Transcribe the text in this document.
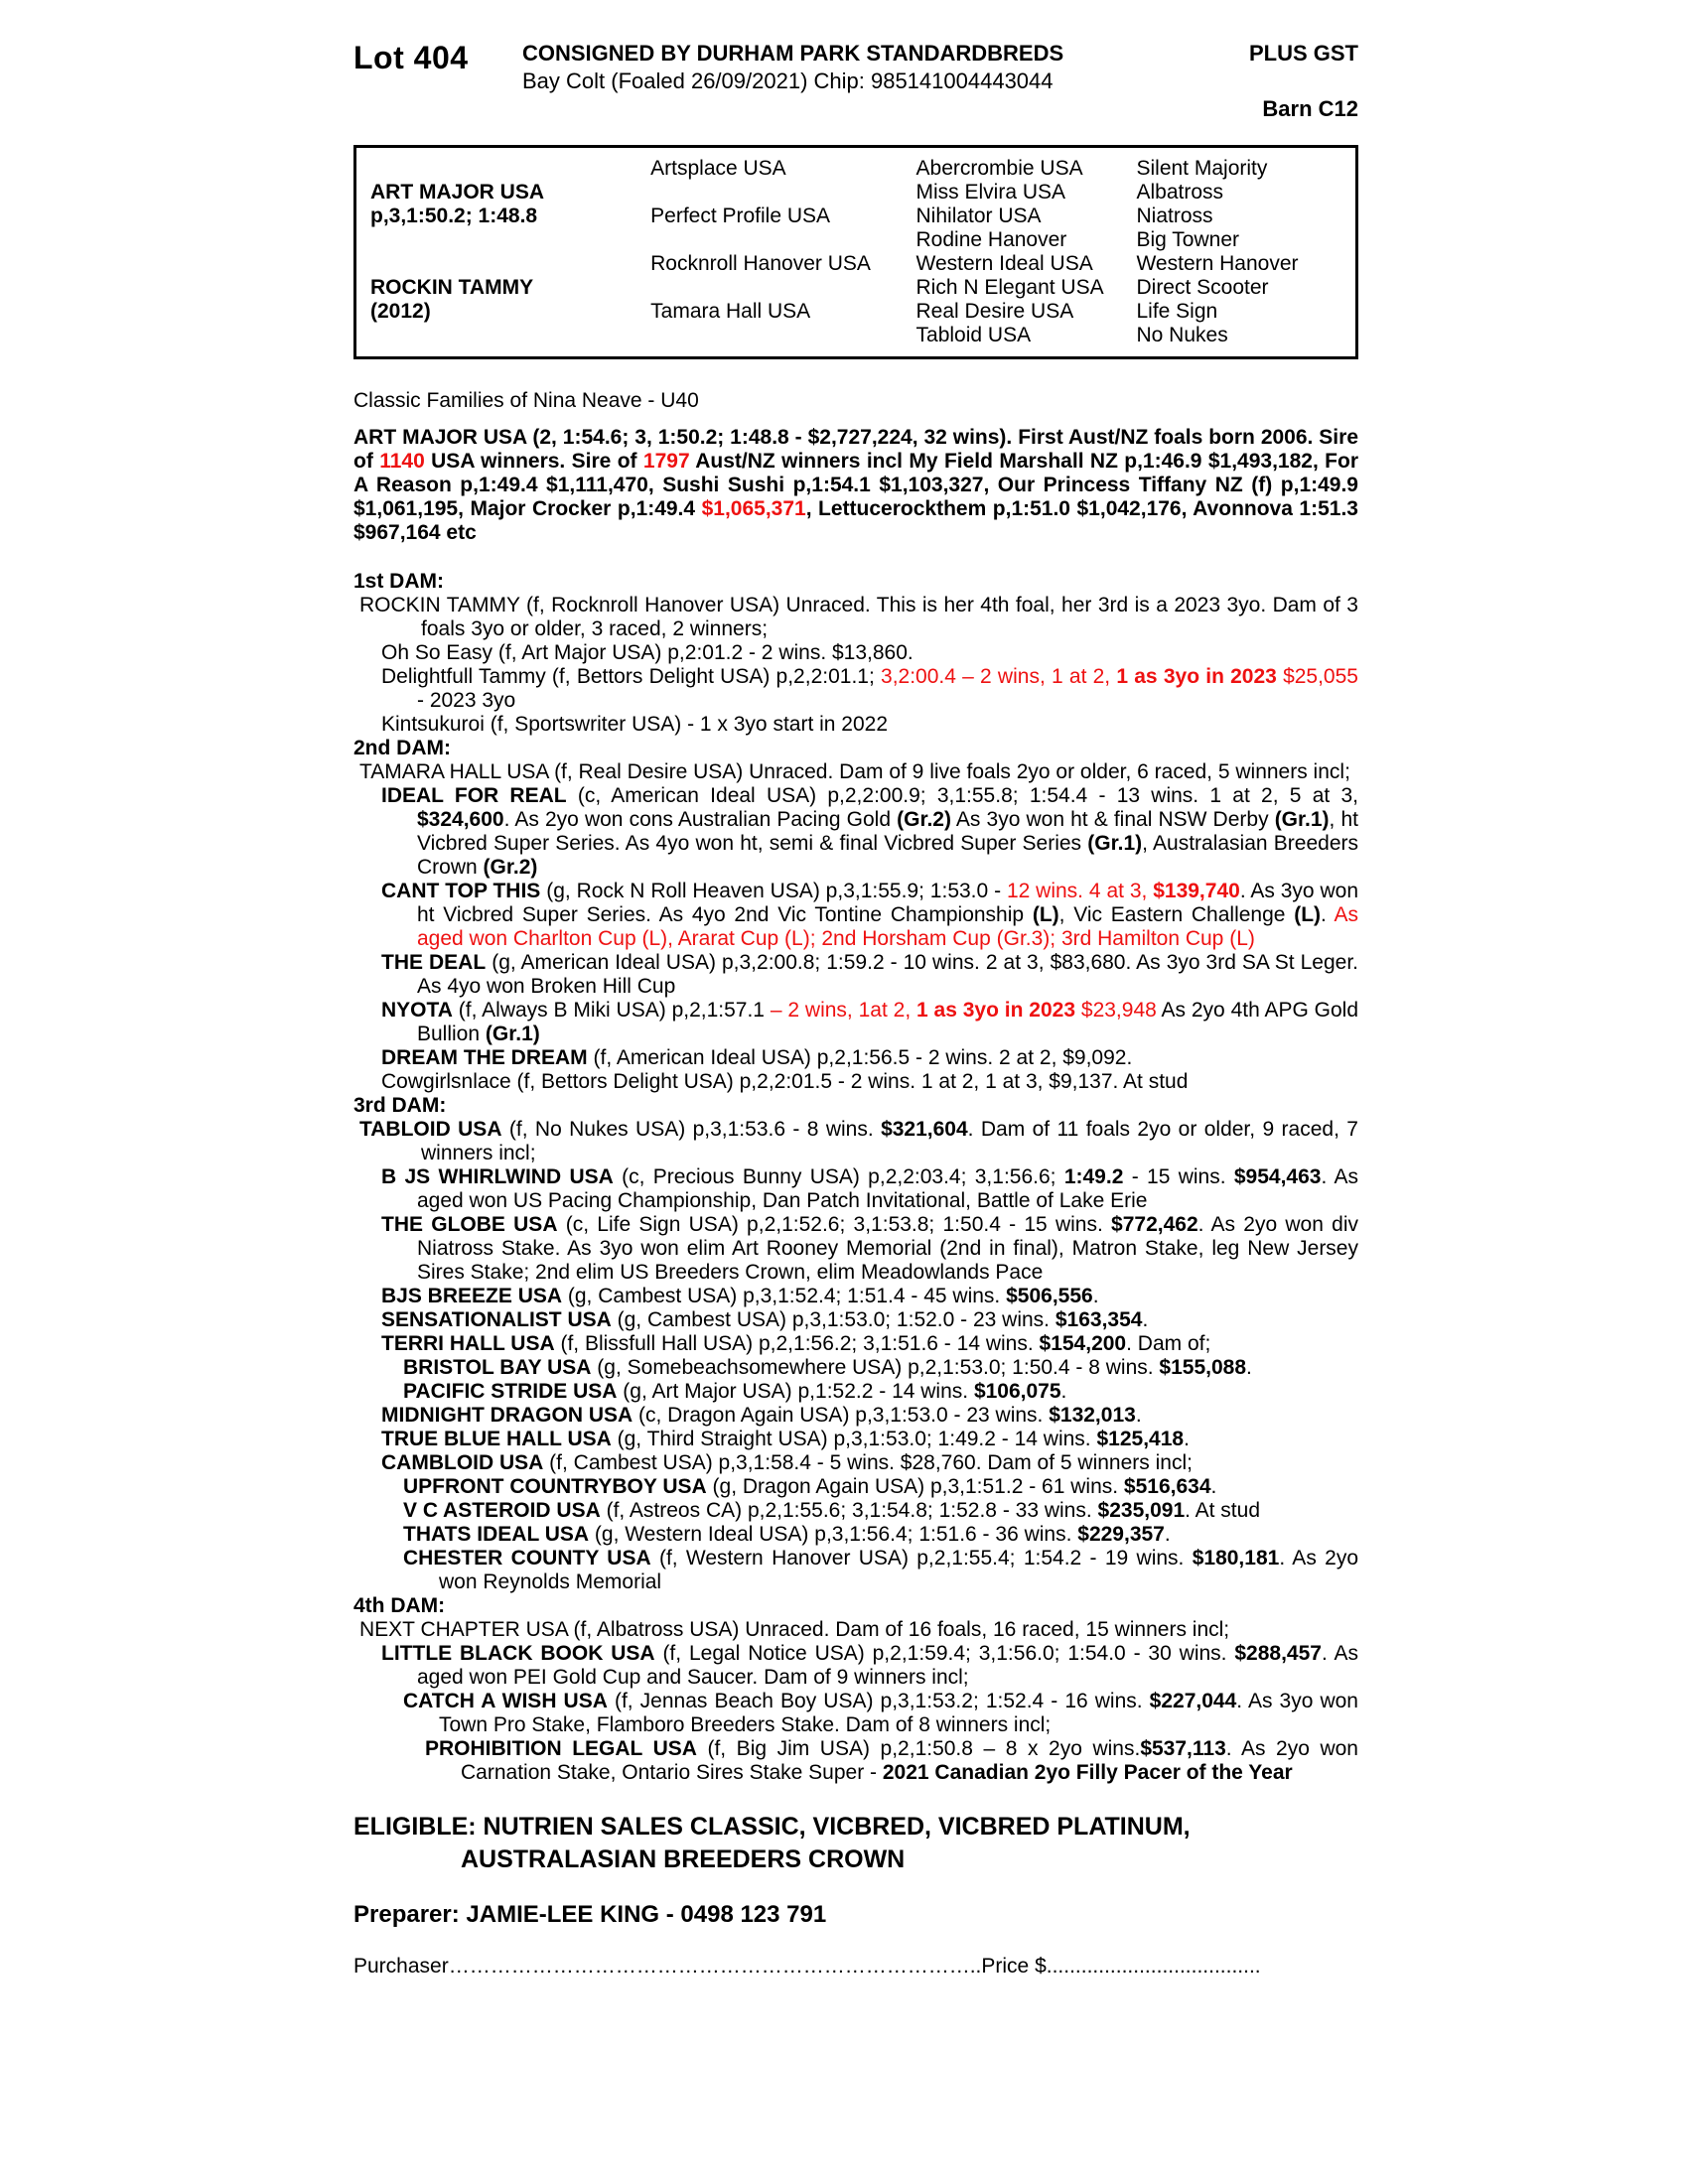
Lot 404	CONSIGNED BY DURHAM PARK STANDARDBREDS
Bay Colt (Foaled 26/09/2021) Chip: 985141004443044
PLUS GST
Barn C12
	Artsplace USA	Abercrombie USA	Silent Majority
ART MAJOR USA		Miss Elvira USA	Albatross
p,3,1:50.2; 1:48.8	Perfect Profile USA	Nihilator USA	Niatross
		Rodine Hanover	Big Towner
	Rocknroll Hanover USA	Western Ideal USA	Western Hanover
ROCKIN TAMMY		Rich N Elegant USA	Direct Scooter
(2012)	Tamara Hall USA	Real Desire USA	Life Sign
		Tabloid USA	No Nukes
Classic Families of Nina Neave - U40
ART MAJOR USA (2, 1:54.6; 3, 1:50.2; 1:48.8 - $2,727,224, 32 wins). First Aust/NZ foals born 2006. Sire of 1140 USA winners. Sire of 1797 Aust/NZ winners incl My Field Marshall NZ p,1:46.9 $1,493,182, For A Reason p,1:49.4 $1,111,470, Sushi Sushi p,1:54.1 $1,103,327, Our Princess Tiffany NZ (f) p,1:49.9 $1,061,195, Major Crocker p,1:49.4 $1,065,371, Lettucerockthem p,1:51.0 $1,042,176, Avonnova 1:51.3 $967,164 etc
1st DAM:
ROCKIN TAMMY (f, Rocknroll Hanover USA) Unraced. This is her 4th foal, her 3rd is a 2023 3yo. Dam of 3 foals 3yo or older, 3 raced, 2 winners;
Oh So Easy (f, Art Major USA) p,2:01.2 - 2 wins. $13,860.
Delightfull Tammy (f, Bettors Delight USA) p,2,2:01.1; 3,2:00.4 – 2 wins, 1 at 2, 1 as 3yo in 2023 $25,055 - 2023 3yo
Kintsukuroi (f, Sportswriter USA) - 1 x 3yo start in 2022
2nd DAM:
TAMARA HALL USA (f, Real Desire USA) Unraced. Dam of 9 live foals 2yo or older, 6 raced, 5 winners incl;
IDEAL FOR REAL (c, American Ideal USA) p,2,2:00.9; 3,1:55.8; 1:54.4 - 13 wins. 1 at 2, 5 at 3, $324,600. As 2yo won cons Australian Pacing Gold (Gr.2) As 3yo won ht & final NSW Derby (Gr.1), ht Vicbred Super Series. As 4yo won ht, semi & final Vicbred Super Series (Gr.1), Australasian Breeders Crown (Gr.2)
CANT TOP THIS (g, Rock N Roll Heaven USA) p,3,1:55.9; 1:53.0 - 12 wins. 4 at 3, $139,740. As 3yo won ht Vicbred Super Series. As 4yo 2nd Vic Tontine Championship (L), Vic Eastern Challenge (L). As aged won Charlton Cup (L), Ararat Cup (L); 2nd Horsham Cup (Gr.3); 3rd Hamilton Cup (L)
THE DEAL (g, American Ideal USA) p,3,2:00.8; 1:59.2 - 10 wins. 2 at 3, $83,680. As 3yo 3rd SA St Leger. As 4yo won Broken Hill Cup
NYOTA (f, Always B Miki USA) p,2,1:57.1 – 2 wins, 1at 2, 1 as 3yo in 2023 $23,948 As 2yo 4th APG Gold Bullion (Gr.1)
DREAM THE DREAM (f, American Ideal USA) p,2,1:56.5 - 2 wins. 2 at 2, $9,092.
Cowgirlsnlace (f, Bettors Delight USA) p,2,2:01.5 - 2 wins. 1 at 2, 1 at 3, $9,137. At stud
3rd DAM:
TABLOID USA (f, No Nukes USA) p,3,1:53.6 - 8 wins. $321,604. Dam of 11 foals 2yo or older, 9 raced, 7 winners incl;
B JS WHIRLWIND USA (c, Precious Bunny USA) p,2,2:03.4; 3,1:56.6; 1:49.2 - 15 wins. $954,463. As aged won US Pacing Championship, Dan Patch Invitational, Battle of Lake Erie
THE GLOBE USA (c, Life Sign USA) p,2,1:52.6; 3,1:53.8; 1:50.4 - 15 wins. $772,462. As 2yo won div Niatross Stake. As 3yo won elim Art Rooney Memorial (2nd in final), Matron Stake, leg New Jersey Sires Stake; 2nd elim US Breeders Crown, elim Meadowlands Pace
BJS BREEZE USA (g, Cambest USA) p,3,1:52.4; 1:51.4 - 45 wins. $506,556.
SENSATIONALIST USA (g, Cambest USA) p,3,1:53.0; 1:52.0 - 23 wins. $163,354.
TERRI HALL USA (f, Blissfull Hall USA) p,2,1:56.2; 3,1:51.6 - 14 wins. $154,200. Dam of;
BRISTOL BAY USA (g, Somebeachsomewhere USA) p,2,1:53.0; 1:50.4 - 8 wins. $155,088.
PACIFIC STRIDE USA (g, Art Major USA) p,1:52.2 - 14 wins. $106,075.
MIDNIGHT DRAGON USA (c, Dragon Again USA) p,3,1:53.0 - 23 wins. $132,013.
TRUE BLUE HALL USA (g, Third Straight USA) p,3,1:53.0; 1:49.2 - 14 wins. $125,418.
CAMBLOID USA (f, Cambest USA) p,3,1:58.4 - 5 wins. $28,760. Dam of 5 winners incl;
UPFRONT COUNTRYBOY USA (g, Dragon Again USA) p,3,1:51.2 - 61 wins. $516,634.
V C ASTEROID USA (f, Astreos CA) p,2,1:55.6; 3,1:54.8; 1:52.8 - 33 wins. $235,091. At stud
THATS IDEAL USA (g, Western Ideal USA) p,3,1:56.4; 1:51.6 - 36 wins. $229,357.
CHESTER COUNTY USA (f, Western Hanover USA) p,2,1:55.4; 1:54.2 - 19 wins. $180,181. As 2yo won Reynolds Memorial
4th DAM:
NEXT CHAPTER USA (f, Albatross USA) Unraced. Dam of 16 foals, 16 raced, 15 winners incl;
LITTLE BLACK BOOK USA (f, Legal Notice USA) p,2,1:59.4; 3,1:56.0; 1:54.0 - 30 wins. $288,457. As aged won PEI Gold Cup and Saucer. Dam of 9 winners incl;
CATCH A WISH USA (f, Jennas Beach Boy USA) p,3,1:53.2; 1:52.4 - 16 wins. $227,044. As 3yo won Town Pro Stake, Flamboro Breeders Stake. Dam of 8 winners incl;
PROHIBITION LEGAL USA (f, Big Jim USA) p,2,1:50.8 – 8 x 2yo wins.$537,113. As 2yo won Carnation Stake, Ontario Sires Stake Super - 2021 Canadian 2yo Filly Pacer of the Year
ELIGIBLE: NUTRIEN SALES CLASSIC, VICBRED, VICBRED PLATINUM,
AUSTRALASIAN BREEDERS CROWN
Preparer: JAMIE-LEE KING - 0498 123 791
Purchaser…………………………………………………………………..Price $.....................................
